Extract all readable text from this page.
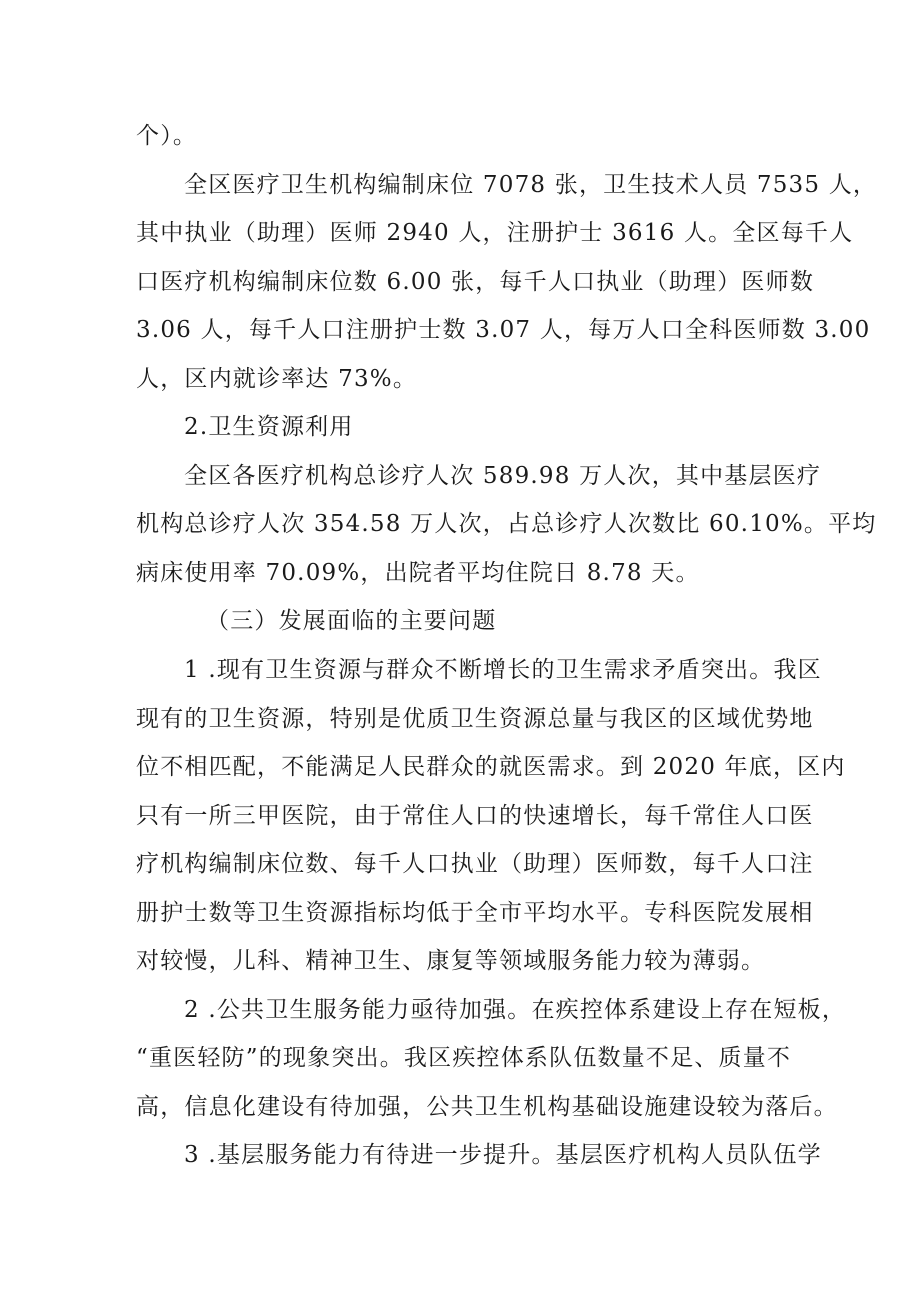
个）。
全区医疗卫生机构编制床位 7078 张，卫生技术人员 7535 人，
其中执业（助理）医师 2940 人，注册护士 3616 人。全区每千人
口医疗机构编制床位数 6.00 张，每千人口执业（助理）医师数
3.06 人，每千人口注册护士数 3.07 人，每万人口全科医师数 3.00
人，区内就诊率达 73%。
2.卫生资源利用
全区各医疗机构总诊疗人次 589.98 万人次，其中基层医疗
机构总诊疗人次 354.58 万人次，占总诊疗人次数比 60.10%。平均
病床使用率 70.09%，出院者平均住院日 8.78 天。
（三）发展面临的主要问题
1 .现有卫生资源与群众不断增长的卫生需求矛盾突出。我区
现有的卫生资源，特别是优质卫生资源总量与我区的区域优势地
位不相匹配，不能满足人民群众的就医需求。到 2020 年底，区内
只有一所三甲医院，由于常住人口的快速增长，每千常住人口医
疗机构编制床位数、每千人口执业（助理）医师数，每千人口注
册护士数等卫生资源指标均低于全市平均水平。专科医院发展相
对较慢，儿科、精神卫生、康复等领域服务能力较为薄弱。
2 .公共卫生服务能力亟待加强。在疾控体系建设上存在短板，
“重医轻防”的现象突出。我区疾控体系队伍数量不足、质量不
高，信息化建设有待加强，公共卫生机构基础设施建设较为落后。
3 .基层服务能力有待进一步提升。基层医疗机构人员队伍学
